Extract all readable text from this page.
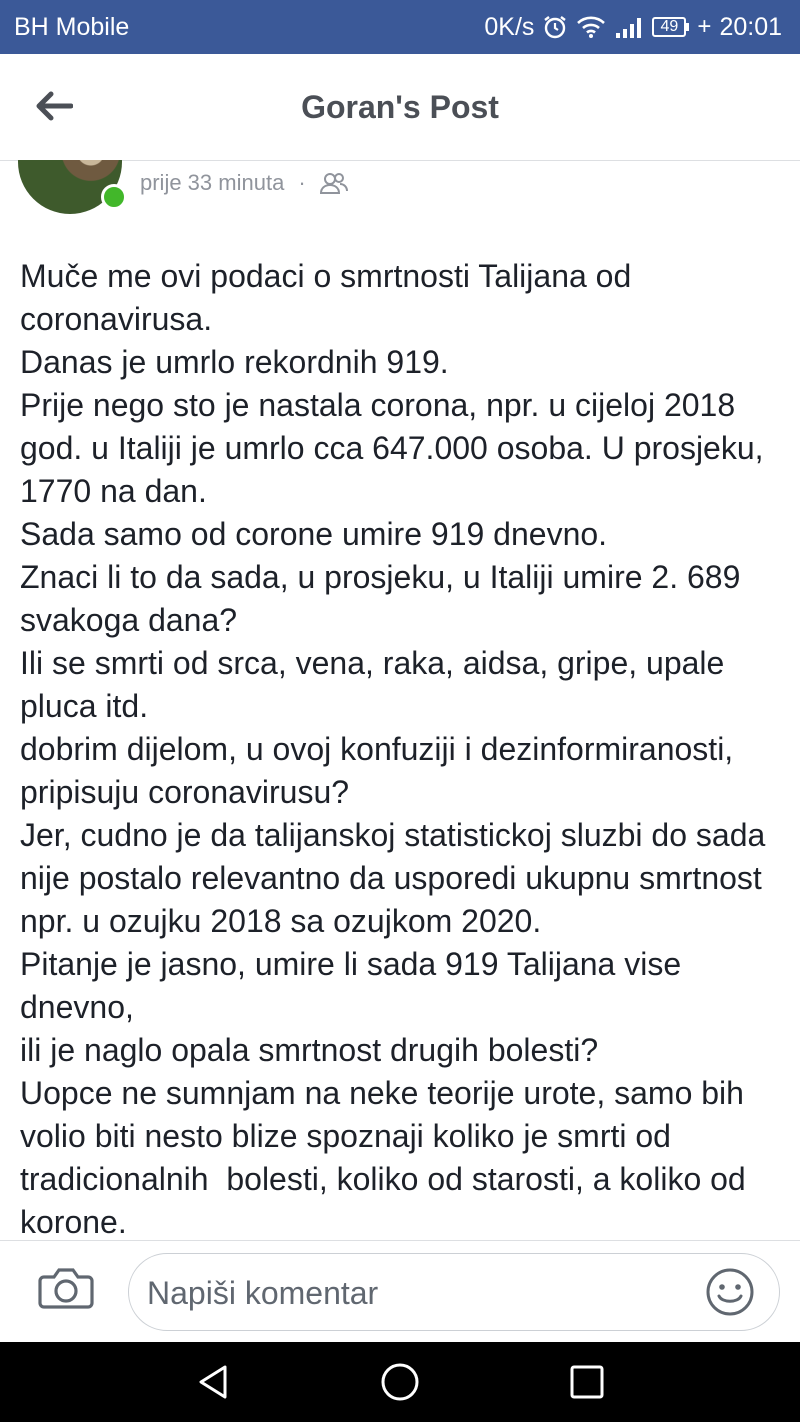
BH Mobile	0K/s	49 + 20:01
Goran's Post
prije 33 minuta ·

Muče me ovi podaci o smrtnosti Talijana od coronavirusa.

Danas je umrlo rekordnih 919.

Prije nego sto je nastala corona, npr. u cijeloj 2018 god. u Italiji je umrlo cca 647.000 osoba. U prosjeku, 1770 na dan.

Sada samo od corone umire 919 dnevno.

Znaci li to da sada, u prosjeku, u Italiji umire 2. 689 svakoga dana?

Ili se smrti od srca, vena, raka, aidsa, gripe, upale pluca itd.

dobrim dijelom, u ovoj konfuziji i dezinformiranosti, pripisuju coronavirusu?

Jer, cudno je da talijanskoj statistickoj sluzbi do sada nije postalo relevantno da usporedi ukupnu smrtnost npr. u ozujku 2018 sa ozujkom 2020.

Pitanje je jasno, umire li sada 919 Talijana vise dnevno,

ili je naglo opala smrtnost drugih bolesti?

Uopce ne sumnjam na neke teorije urote, samo bih volio biti nesto blize spoznaji koliko je smrti od tradicionalnih  bolesti, koliko od starosti, a koliko od korone.

Napiši komentar
